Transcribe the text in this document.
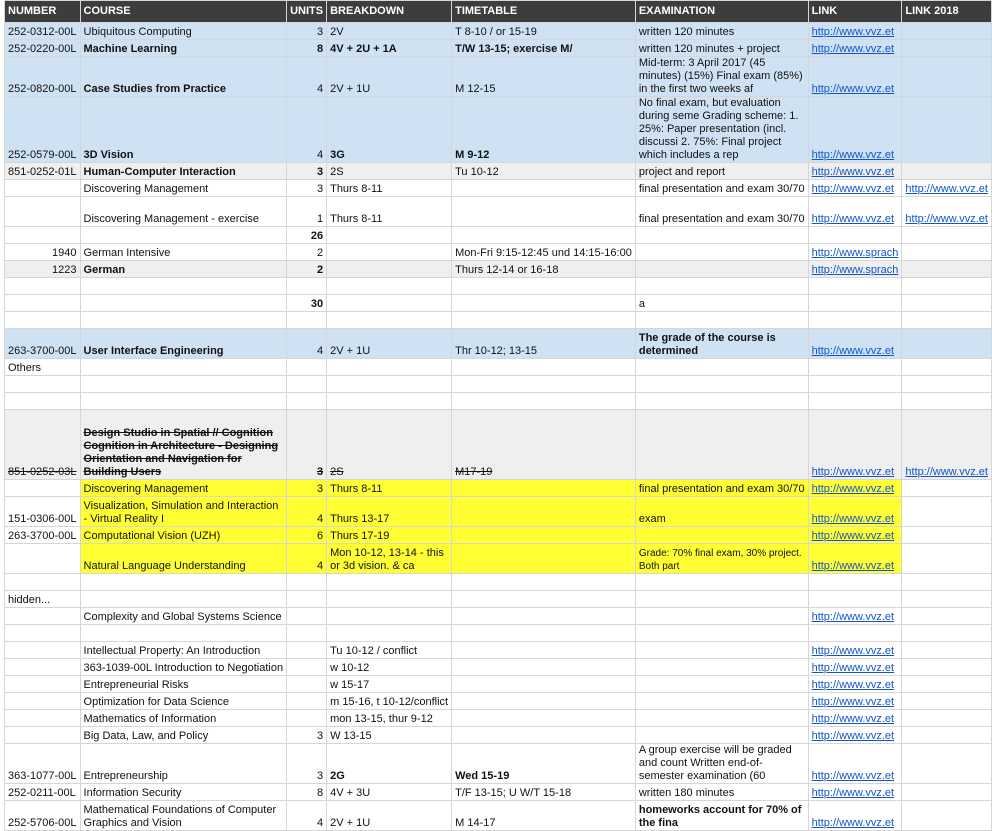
NUMBER	COURSE	UNITS	BREAKDOWN	TIMETABLE	EXAMINATION	LINK	LINK 2018
252-0312-00L	Ubiquitous Computing	3	2V	T 8-10 / or 15-19	written 120 minutes	http://www.vvz.et	
252-0220-00L	Machine Learning	8	4V + 2U + 1A	T/W 13-15; exercise M/	written 120 minutes + project	http://www.vvz.et	
252-0820-00L	Case Studies from Practice	4	2V + 1U	M 12-15	Mid-term: 3 April 2017 (45 minutes) (15%) Final exam (85%) in the first two weeks af	http://www.vvz.et	
252-0579-00L	3D Vision	4	3G	M 9-12	No final exam, but evaluation during seme Grading scheme: 1. 25%: Paper presentation (incl. discussi 2. 75%: Final project which includes a rep	http://www.vvz.et	
851-0252-01L	Human-Computer Interaction	3	2S	Tu 10-12	project and report	http://www.vvz.et	
	Discovering Management	3	Thurs 8-11		final presentation and exam 30/70	http://www.vvz.et	http://www.vvz.et
	Discovering Management - exercise	1	Thurs 8-11		final presentation and exam 30/70	http://www.vvz.et	http://www.vvz.et
		26					
1940	German Intensive	2		Mon-Fri 9:15-12:45 und 14:15-16:00		http://www.sprach	
1223	German	2		Thurs 12-14 or 16-18		http://www.sprach	

		30			a		

263-3700-00L	User Interface Engineering	4	2V + 1U	Thr 10-12; 13-15	The grade of the course is determined	http://www.vvz.et	
Others							

851-0252-03L	Design Studio in Spatial // Cognition Cognition in Architecture - Designing Orientation and Navigation for Building Users	3	2S	M17-19		http://www.vvz.et	http://www.vvz.et
	Discovering Management	3	Thurs 8-11		final presentation and exam 30/70	http://www.vvz.et	
151-0306-00L	Visualization, Simulation and Interaction - Virtual Reality I	4	Thurs 13-17		exam	http://www.vvz.et	
263-3700-00L	Computational Vision (UZH)	6	Thurs 17-19			http://www.vvz.et	
	Natural Language Understanding	4	Mon 10-12, 13-14 - this or 3d vision. & ca		Grade: 70% final exam, 30% project. Both part	http://www.vvz.et	

hidden...							
	Complexity and Global Systems Science					http://www.vvz.et	

	Intellectual Property: An Introduction		Tu 10-12 / conflict			http://www.vvz.et	
	363-1039-00L Introduction to Negotiation		w 10-12			http://www.vvz.et	
	Entrepreneurial Risks		w 15-17			http://www.vvz.et	
	Optimization for Data Science		m 15-16, t 10-12/conflict			http://www.vvz.et	
	Mathematics of Information		mon 13-15, thur 9-12			http://www.vvz.et	
	Big Data, Law, and Policy	3	W 13-15			http://www.vvz.et	
363-1077-00L	Entrepreneurship	3	2G	Wed 15-19	A group exercise will be graded and count Written end-of-semester examination (60	http://www.vvz.et	
252-0211-00L	Information Security	8	4V + 3U	T/F 13-15; U W/T 15-18	written 180 minutes	http://www.vvz.et	
252-5706-00L	Mathematical Foundations of Computer Graphics and Vision	4	2V + 1U	M 14-17	homeworks account for 70% of the fina	http://www.vvz.et	
